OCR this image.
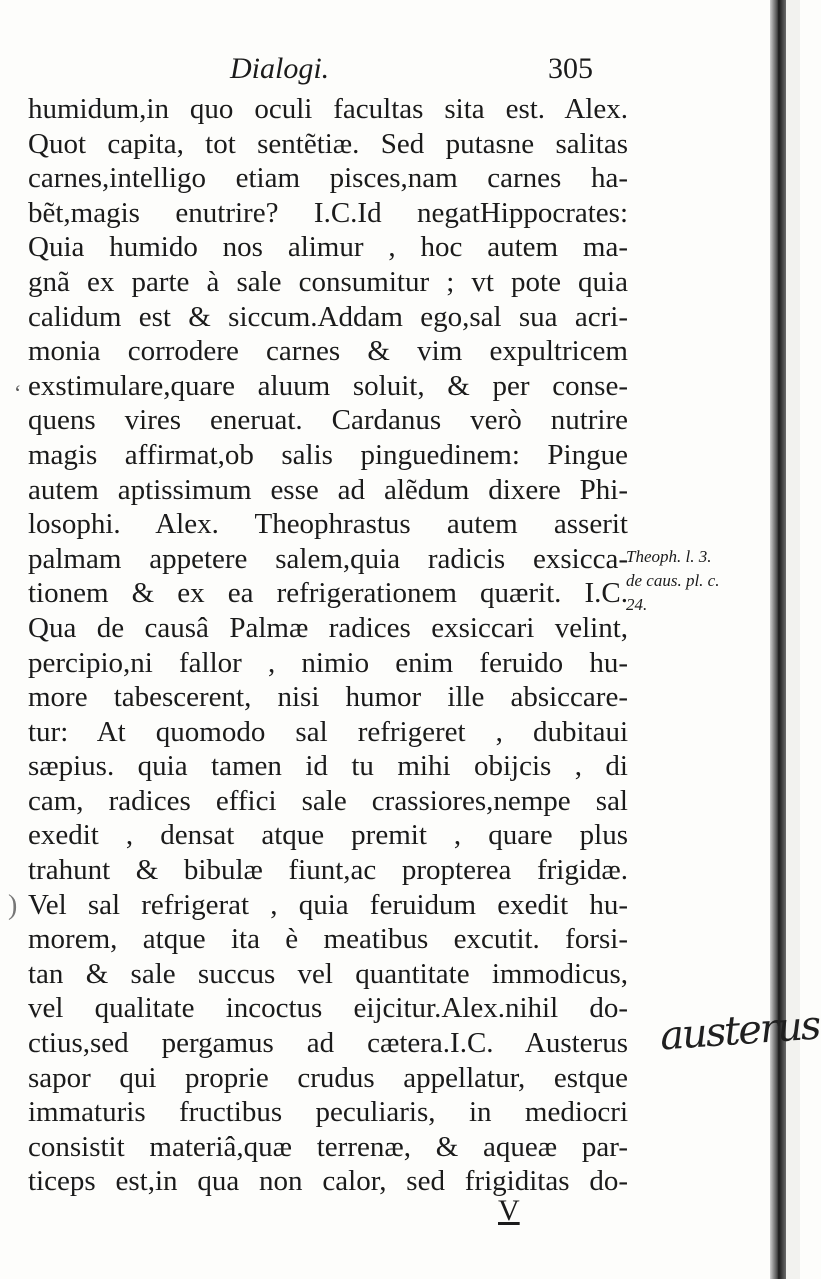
Dialogi.	305
‘
)
humidum,in quo oculi facultas sita est. Alex.
Quot capita, tot sentẽtiæ. Sed putasne salitas
carnes,intelligo etiam pisces,nam carnes ha-
bẽt,magis enutrire? I.C.Id negatHippocrates:
Quia humido nos alimur , hoc autem ma-
gnã ex parte à sale consumitur ; vt pote quia
calidum est & siccum.Addam ego,sal sua acri-
monia corrodere carnes & vim expultricem
exstimulare,quare aluum soluit, & per conse-
quens vires eneruat. Cardanus verò nutrire
magis affirmat,ob salis pinguedinem: Pingue
autem aptissimum esse ad alẽdum dixere Phi-
losophi. Alex. Theophrastus autem asserit
palmam appetere salem,quia radicis exsicca-
tionem & ex ea refrigerationem quærit. I.C.
Qua de causâ Palmæ radices exsiccari velint,
percipio,ni fallor , nimio enim feruido hu-
more tabescerent, nisi humor ille absiccare-
tur: At quomodo sal refrigeret , dubitaui
sæpius. quia tamen id tu mihi obijcis , di
cam, radices effici sale crassiores,nempe sal
exedit , densat atque premit , quare plus
trahunt & bibulæ fiunt,ac propterea frigidæ.
Vel sal refrigerat , quia feruidum exedit hu-
morem, atque ita è meatibus excutit. forsi-
tan & sale succus vel quantitate immodicus,
vel qualitate incoctus eijcitur.Alex.nihil do-
ctius,sed pergamus ad cætera.I.C. Austerus
sapor qui proprie crudus appellatur, estque
immaturis fructibus peculiaris, in mediocri
consistit materiâ,quæ terrenæ, & aqueæ par-
ticeps est,in qua non calor, sed frigiditas do-
Theoph. l. 3.
de caus. pl. c.
24.
austerus
V
